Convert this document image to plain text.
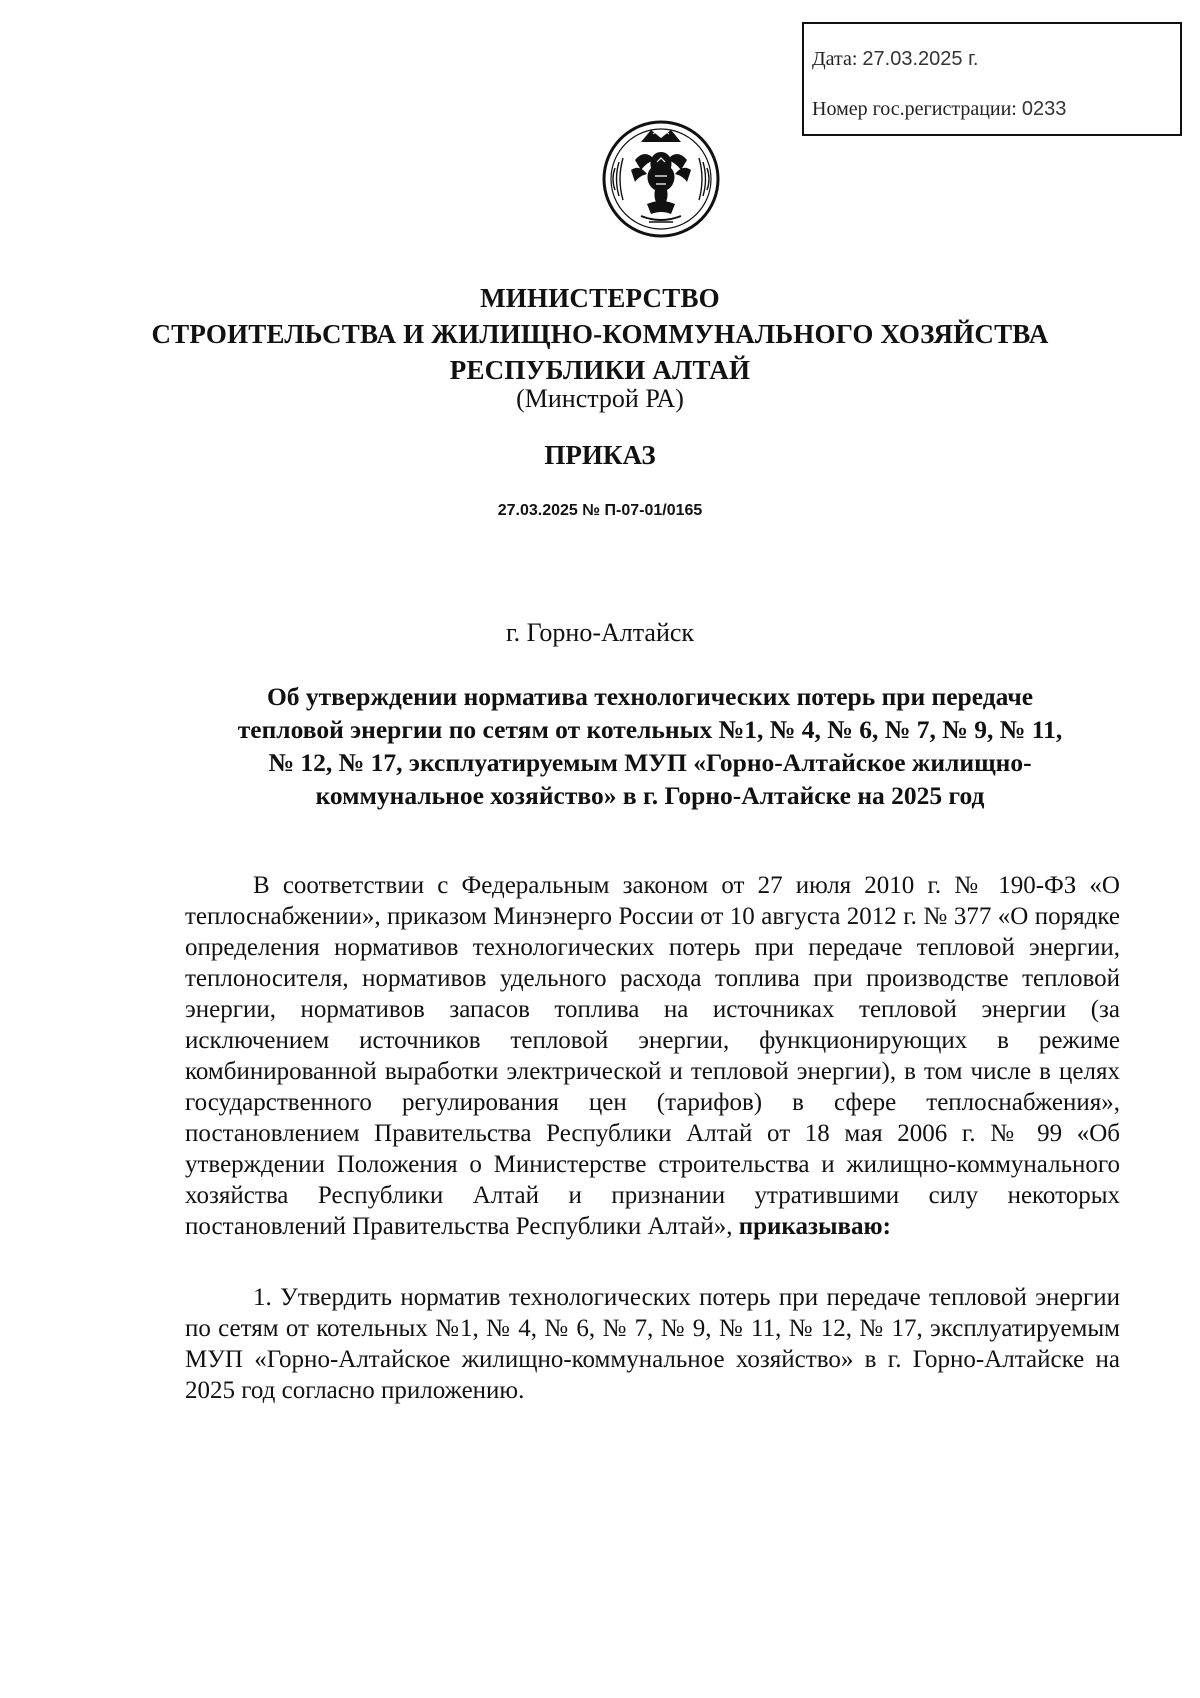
Дата: 27.03.2025 г.
Номер гос.регистрации: 0233
МИНИСТЕРСТВО
СТРОИТЕЛЬСТВА И ЖИЛИЩНО-КОММУНАЛЬНОГО ХОЗЯЙСТВА
РЕСПУБЛИКИ АЛТАЙ
(Минстрой РА)
ПРИКАЗ
27.03.2025 № П-07-01/0165
г. Горно-Алтайск
Об утверждении норматива технологических потерь при передаче
тепловой энергии по сетям от котельных №1, № 4, № 6, № 7, № 9, № 11,
№ 12, № 17, эксплуатируемым МУП «Горно-Алтайское жилищно-
коммунальное хозяйство» в г. Горно-Алтайске на 2025 год
В соответствии с Федеральным законом от 27 июля 2010 г. № 190-ФЗ «О теплоснабжении», приказом Минэнерго России от 10 августа 2012 г. № 377 «О порядке определения нормативов технологических потерь при передаче тепловой энергии, теплоносителя, нормативов удельного расхода топлива при производстве тепловой энергии, нормативов запасов топлива на источниках тепловой энергии (за исключением источников тепловой энергии, функционирующих в режиме комбинированной выработки электрической и тепловой энергии), в том числе в целях государственного регулирования цен (тарифов) в сфере теплоснабжения», постановлением Правительства Республики Алтай от 18 мая 2006 г. № 99 «Об утверждении Положения о Министерстве строительства и жилищно-коммунального хозяйства Республики Алтай и признании утратившими силу некоторых постановлений Правительства Республики Алтай», приказываю:
1. Утвердить норматив технологических потерь при передаче тепловой энергии по сетям от котельных №1, № 4, № 6, № 7, № 9, № 11, № 12, № 17, эксплуатируемым МУП «Горно-Алтайское жилищно-коммунальное хозяйство» в г. Горно-Алтайске на 2025 год согласно приложению.
